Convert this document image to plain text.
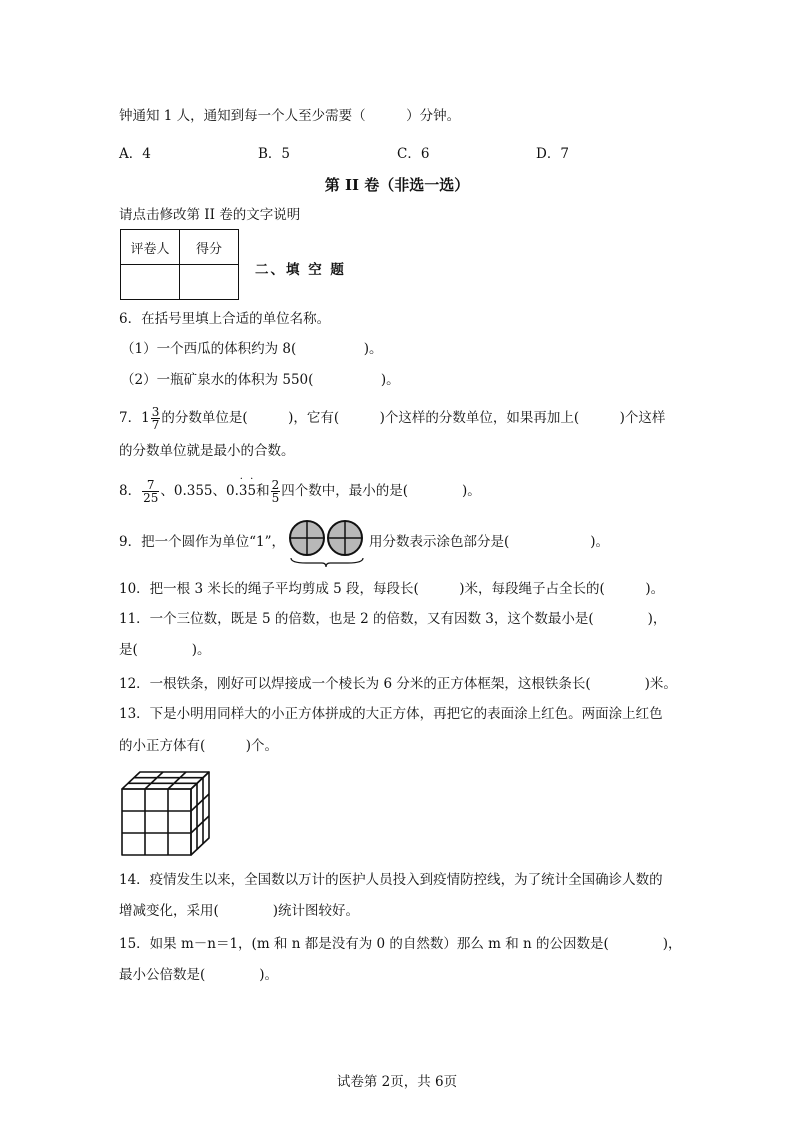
钟通知 1 人，通知到每一个人至少需要（　　　）分钟。
A．4	B．5	C．6	D．7
第 II 卷（非选一选）
请点击修改第 II 卷的文字说明
评卷人	得分

二、填 空 题
6．在括号里填上合适的单位名称。
（1）一个西瓜的体积约为 8(　　　　　)。
（2）一瓶矿泉水的体积为 550(　　　　　)。
7．$1 \frac{3}{7}$ 的分数单位是(　　　)，它有(　　　)个这样的分数单位，如果再加上(　　　)个这样
的分数单位就是最小的合数。
8． $\frac{7}{25}$ 、0.355、0.
· ·
35和 $\frac{2}{5}$ 四个数中，最小的是(　　　　)。
9．把一个圆作为单位“1”，	用分数表示涂色部分是(　　　　　　)。
10．把一根 3 米长的绳子平均剪成 5 段，每段长(　　　)米，每段绳子占全长的(　　　)。
11．一个三位数，既是 5 的倍数，也是 2 的倍数，又有因数 3，这个数最小是(　　　　)，
是(　　　　)。
12．一根铁条，刚好可以焊接成一个棱长为 6 分米的正方体框架，这根铁条长(　　　　)米。
13．下是小明用同样大的小正方体拼成的大正方体，再把它的表面涂上红色。两面涂上红色
的小正方体有(　　　)个。
14．疫情发生以来，全国数以万计的医护人员投入到疫情防控线，为了统计全国确诊人数的
增减变化，采用(　　　　)统计图较好。
15．如果 m－n＝1，(m 和 n 都是没有为 0 的自然数）那么 m 和 n 的公因数是(　　　　)，
最小公倍数是(　　　　)。
试卷第 2页，共 6页
